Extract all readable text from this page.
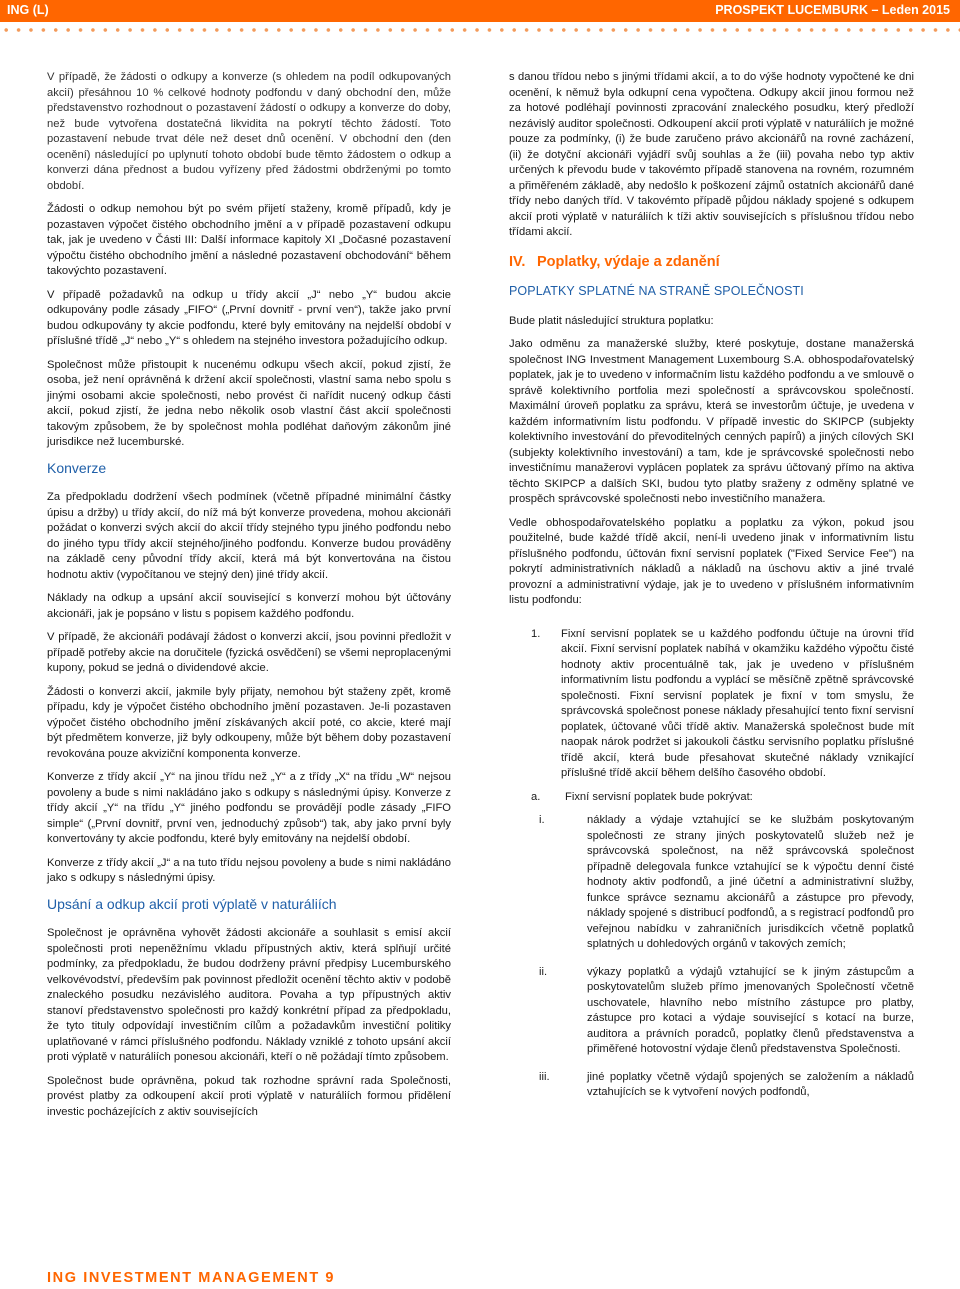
ING (L)	PROSPEKT LUCEMBURK – Leden 2015

V případě, že žádosti o odkupy a konverze (s ohledem na podíl odkupovaných akcií) přesáhnou 10 % celkové hodnoty podfondu v daný obchodní den, může představenstvo rozhodnout o pozastavení žádostí o odkupy a konverze do doby, než bude vytvořena dostatečná likvidita na pokrytí těchto žádostí. Toto pozastavení nebude trvat déle než deset dnů ocenění. V obchodní den (den ocenění) následující po uplynutí tohoto období bude těmto žádostem o odkup a konverzi dána přednost a budou vyřízeny před žádostmi obdrženými po tomto období.

Žádosti o odkup nemohou být po svém přijetí staženy, kromě případů, kdy je pozastaven výpočet čistého obchodního jmění a v případě pozastavení odkupu tak, jak je uvedeno v Části III: Další informace kapitoly XI „Dočasné pozastavení výpočtu čistého obchodního jmění a následné pozastavení obchodování“ během takovýchto pozastavení.

V případě požadavků na odkup u třídy akcií „J“ nebo „Y“ budou akcie odkupovány podle zásady „FIFO“ („První dovnitř - první ven“), takže jako první budou odkupovány ty akcie podfondu, které byly emitovány na nejdelší období v příslušné třídě „J“ nebo „Y“ s ohledem na stejného investora požadujícího odkup.

Společnost může přistoupit k nucenému odkupu všech akcií, pokud zjistí, že osoba, jež není oprávněná k držení akcií společnosti, vlastní sama nebo spolu s jinými osobami akcie společnosti, nebo provést či nařídit nucený odkup části akcií, pokud zjistí, že jedna nebo několik osob vlastní část akcií společnosti takovým způsobem, že by společnost mohla podléhat daňovým zákonům jiné jurisdikce než lucemburské.

Konverze

Za předpokladu dodržení všech podmínek (včetně případné minimální částky úpisu a držby) u třídy akcií, do níž má být konverze provedena, mohou akcionáři požádat o konverzi svých akcií do akcií třídy stejného typu jiného podfondu nebo do jiného typu třídy akcií stejného/jiného podfondu. Konverze budou prováděny na základě ceny původní třídy akcií, která má být konvertována na čistou hodnotu aktiv (vypočítanou ve stejný den) jiné třídy akcií.

Náklady na odkup a upsání akcií související s konverzí mohou být účtovány akcionáři, jak je popsáno v listu s popisem každého podfondu.

V případě, že akcionáři podávají žádost o konverzi akcií, jsou povinni předložit v případě potřeby akcie na doručitele (fyzická osvědčení) se všemi neproplacenými kupony, pokud se jedná o dividendové akcie.

Žádosti o konverzi akcií, jakmile byly přijaty, nemohou být staženy zpět, kromě případu, kdy je výpočet čistého obchodního jmění pozastaven. Je-li pozastaven výpočet čistého obchodního jmění získávaných akcií poté, co akcie, které mají být předmětem konverze, již byly odkoupeny, může být během doby pozastavení revokována pouze akviziční komponenta konverze.

Konverze z třídy akcií „Y“ na jinou třídu než „Y“ a z třídy „X“ na třídu „W“ nejsou povoleny a bude s nimi nakládáno jako s odkupy s následnými úpisy. Konverze z třídy akcií „Y“ na třídu „Y“ jiného podfondu se provádějí podle zásady „FIFO simple“ („První dovnitř, první ven, jednoduchý způsob“) tak, aby jako první byly konvertovány ty akcie podfondu, které byly emitovány na nejdelší období.

Konverze z třídy akcií „J“ a na tuto třídu nejsou povoleny a bude s nimi nakládáno jako s odkupy s následnými úpisy.

Upsání a odkup akcií proti výplatě v naturáliích

Společnost je oprávněna vyhovět žádosti akcionáře a souhlasit s emisí akcií společnosti proti nepeněžnímu vkladu přípustných aktiv, která splňují určité podmínky, za předpokladu, že budou dodrženy právní předpisy Lucemburského velkovévodství, především pak povinnost předložit ocenění těchto aktiv v podobě znaleckého posudku nezávislého auditora. Povaha a typ přípustných aktiv stanoví představenstvo společnosti pro každý konkrétní případ za předpokladu, že tyto tituly odpovídají investičním cílům a požadavkům investiční politiky uplatňované v rámci příslušného podfondu. Náklady vzniklé z tohoto upsání akcií proti výplatě v naturáliích ponesou akcionáři, kteří o ně požádají tímto způsobem.

Společnost bude oprávněna, pokud tak rozhodne správní rada Společnosti, provést platby za odkoupení akcií proti výplatě v naturáliích formou přidělení investic pocházejících z aktiv souvisejících

s danou třídou nebo s jinými třídami akcií, a to do výše hodnoty vypočtené ke dni ocenění, k němuž byla odkupní cena vypočtena. Odkupy akcií jinou formou než za hotové podléhají povinnosti zpracování znaleckého posudku, který předloží nezávislý auditor společnosti. Odkoupení akcií proti výplatě v naturáliích je možné pouze za podmínky, (i) že bude zaručeno právo akcionářů na rovné zacházení, (ii) že dotyční akcionáři vyjádří svůj souhlas a že (iii) povaha nebo typ aktiv určených k převodu bude v takovémto případě stanovena na rovném, rozumném a přiměřeném základě, aby nedošlo k poškození zájmů ostatních akcionářů dané třídy nebo daných tříd. V takovémto případě půjdou náklady spojené s odkupem akcií proti výplatě v naturáliích k tíži aktiv souvisejících s příslušnou třídou nebo třídami akcií.

IV. Poplatky, výdaje a zdanění
POPLATKY SPLATNÉ NA STRANĚ SPOLEČNOSTI

Bude platit následující struktura poplatku:

Jako odměnu za manažerské služby, které poskytuje, dostane manažerská společnost ING Investment Management Luxembourg S.A. obhospodařovatelský poplatek, jak je to uvedeno v informačním listu každého podfondu a ve smlouvě o správě kolektivního portfolia mezi společností a správcovskou společností. Maximální úroveň poplatku za správu, která se investorům účtuje, je uvedena v každém informativním listu podfondu. V případě investic do SKIPCP (subjekty kolektivního investování do převoditelných cenných papírů) a jiných cílových SKI (subjekty kolektivního investování) a tam, kde je správcovské společnosti nebo investičnímu manažerovi vyplácen poplatek za správu účtovaný přímo na aktiva těchto SKIPCP a dalších SKI, budou tyto platby sraženy z odměny splatné ve prospěch správcovské společnosti nebo investičního manažera.

Vedle obhospodařovatelského poplatku a poplatku za výkon, pokud jsou použitelné, bude každé třídě akcií, není-li uvedeno jinak v informativním listu příslušného podfondu, účtován fixní servisní poplatek ("Fixed Service Fee") na pokrytí administrativních nákladů a nákladů na úschovu aktiv a jiné trvalé provozní a administrativní výdaje, jak je to uvedeno v příslušném informativním listu podfondu:

1.	Fixní servisní poplatek se u každého podfondu účtuje na úrovni tříd akcií. Fixní servisní poplatek nabíhá v okamžiku každého výpočtu čisté hodnoty aktiv procentuálně tak, jak je uvedeno v příslušném informativním listu podfondu a vyplácí se měsíčně zpětně správcovské společnosti. Fixní servisní poplatek je fixní v tom smyslu, že správcovská společnost ponese náklady přesahující tento fixní servisní poplatek, účtované vůči třídě aktiv. Manažerská společnost bude mít naopak nárok podržet si jakoukoli částku servisního poplatku příslušné třídě akcií, která bude přesahovat skutečné náklady vznikající příslušné třídě akcií během delšího časového období.
a.	Fixní servisní poplatek bude pokrývat:
i.	náklady a výdaje vztahující se ke službám poskytovaným společnosti ze strany jiných poskytovatelů služeb než je správcovská společnost, na něž správcovská společnost případně delegovala funkce vztahující se k výpočtu denní čisté hodnoty aktiv podfondů, a jiné účetní a administrativní služby, funkce správce seznamu akcionářů a zástupce pro převody, náklady spojené s distribucí podfondů, a s registrací podfondů pro veřejnou nabídku v zahraničních jurisdikcích včetně poplatků splatných u dohledových orgánů v takových zemích;
ii.	výkazy poplatků a výdajů vztahující se k jiným zástupcům a poskytovatelům služeb přímo jmenovaných Společností včetně uschovatele, hlavního nebo místního zástupce pro platby, zástupce pro kotaci a výdaje související s kotací na burze, auditora a právních poradců, poplatky členů představenstva a přiměřené hotovostní výdaje členů představenstva Společnosti.
iii.	jiné poplatky včetně výdajů spojených se založením a nákladů vztahujících se k vytvoření nových podfondů,
ING INVESTMENT MANAGEMENT 9
